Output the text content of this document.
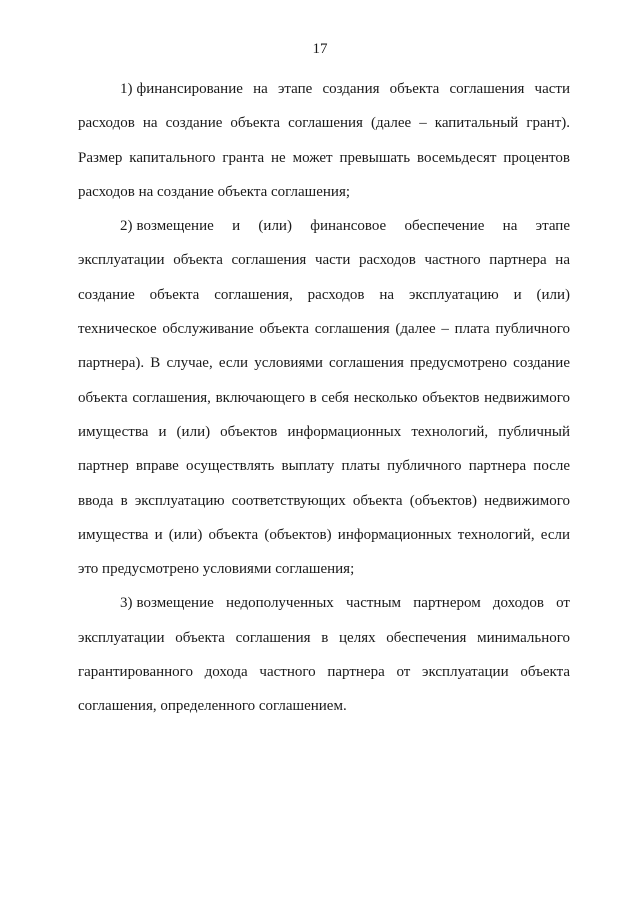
17

1) финансирование на этапе создания объекта соглашения части расходов на создание объекта соглашения (далее – капитальный грант). Размер капитального гранта не может превышать восемьдесят процентов расходов на создание объекта соглашения;

2) возмещение и (или) финансовое обеспечение на этапе эксплуатации объекта соглашения части расходов частного партнера на создание объекта соглашения, расходов на эксплуатацию и (или) техническое обслуживание объекта соглашения (далее – плата публичного партнера). В случае, если условиями соглашения предусмотрено создание объекта соглашения, включающего в себя несколько объектов недвижимого имущества и (или) объектов информационных технологий, публичный партнер вправе осуществлять выплату платы публичного партнера после ввода в эксплуатацию соответствующих объекта (объектов) недвижимого имущества и (или) объекта (объектов) информационных технологий, если это предусмотрено условиями соглашения;

3) возмещение недополученных частным партнером доходов от эксплуатации объекта соглашения в целях обеспечения минимального гарантированного дохода частного партнера от эксплуатации объекта соглашения, определенного соглашением.
